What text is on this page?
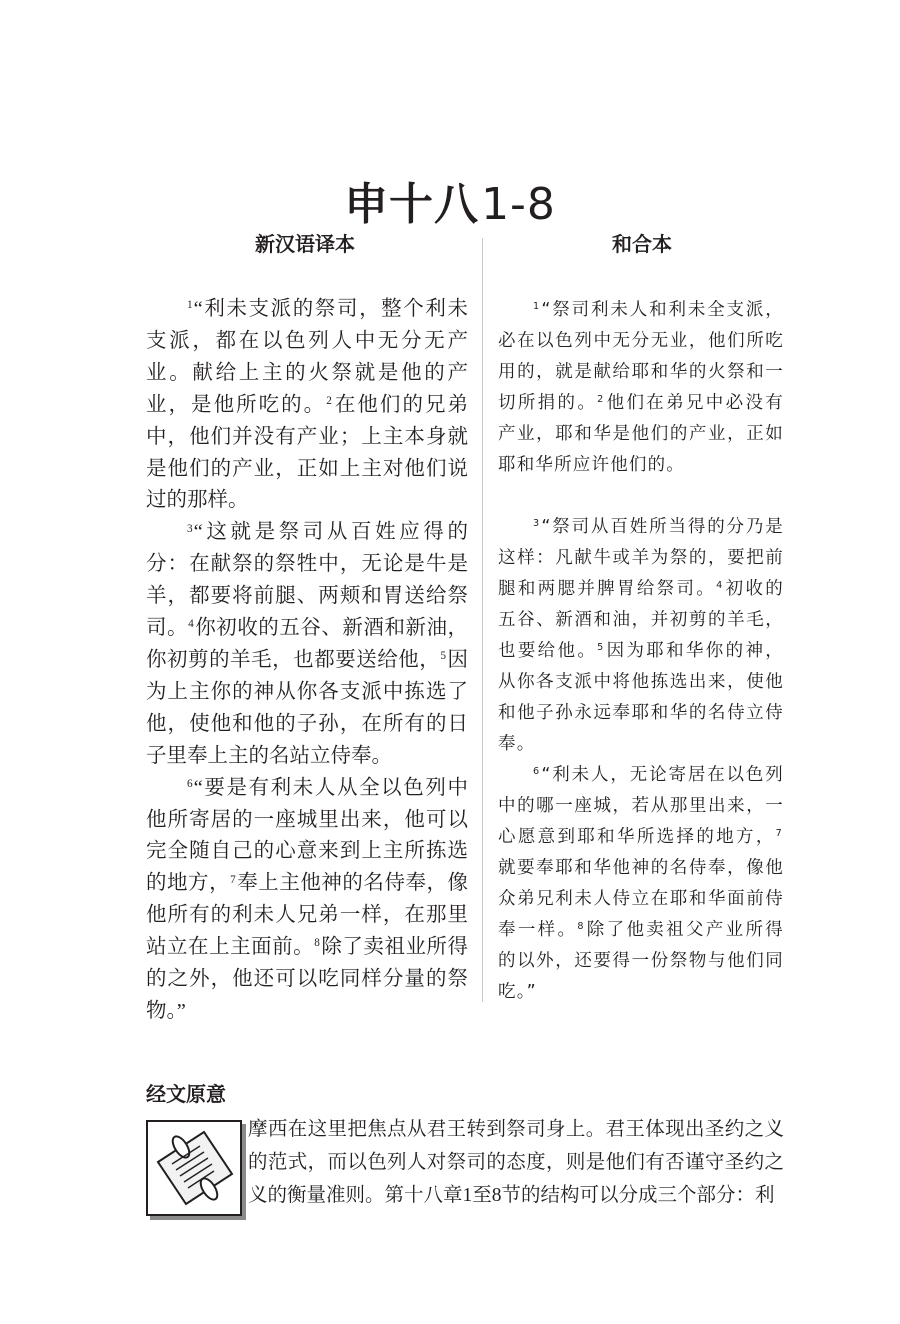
申十八1-8
新汉语译本	和合本

$^1$“利未支派的祭司，整个利未支派，都在以色列人中无分无产业。献给上主的火祭就是他的产业，是他所吃的。$^2$在他们的兄弟中，他们并没有产业；上主本身就是他们的产业，正如上主对他们说过的那样。

$^3$“这就是祭司从百姓应得的分：在献祭的祭牲中，无论是牛是羊，都要将前腿、两颊和胃送给祭司。$^4$你初收的五谷、新酒和新油，你初剪的羊毛，也都要送给他，$^5$因为上主你的神从你各支派中拣选了他，使他和他的子孙，在所有的日子里奉上主的名站立侍奉。

$^6$“要是有利未人从全以色列中他所寄居的一座城里出来，他可以完全随自己的心意来到上主所拣选的地方，$^7$奉上主他神的名侍奉，像他所有的利未人兄弟一样，在那里站立在上主面前。$^8$除了卖祖业所得的之外，他还可以吃同样分量的祭物。”

$^1$“祭司利未人和利未全支派，必在以色列中无分无业，他们所吃用的，就是献给耶和华的火祭和一切所捐的。$^2$他们在弟兄中必没有产业，耶和华是他们的产业，正如耶和华所应许他们的。

$^3$“祭司从百姓所当得的分乃是这样：凡献牛或羊为祭的，要把前腿和两腮并脾胃给祭司。$^4$初收的五谷、新酒和油，并初剪的羊毛，也要给他。$^5$因为耶和华你的神，从你各支派中将他拣选出来，使他和他子孙永远奉耶和华的名侍立侍奉。

$^6$“利未人，无论寄居在以色列中的哪一座城，若从那里出来，一心愿意到耶和华所选择的地方，$^7$就要奉耶和华他神的名侍奉，像他众弟兄利未人侍立在耶和华面前侍奉一样。$^8$除了他卖祖父产业所得的以外，还要得一份祭物与他们同吃。”

经文原意
摩西在这里把焦点从君王转到祭司身上。君王体现出圣约之义的范式，而以色列人对祭司的态度，则是他们有否谨守圣约之义的衡量准则。第十八章1至8节的结构可以分成三个部分：利
